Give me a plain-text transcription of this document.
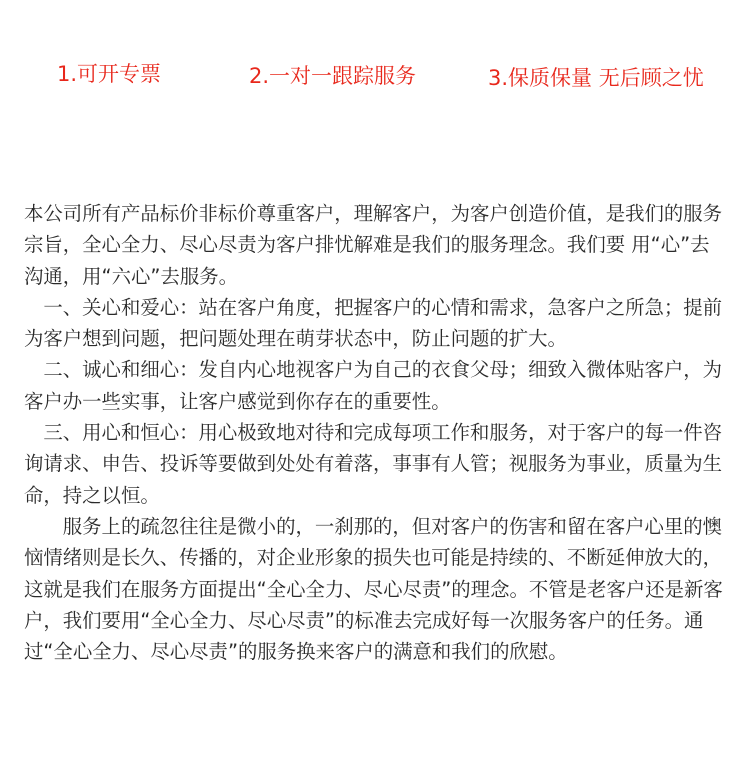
1.可开专票	2.一对一跟踪服务	3.保质保量 无后顾之忧

本公司所有产品标价非标价尊重客户，理解客户，为客户创造价值，是我们的服务宗旨，全心全力、尽心尽责为客户排忧解难是我们的服务理念。我们要 用“心”去沟通，用“六心”去服务。

　一、关心和爱心：站在客户角度，把握客户的心情和需求，急客户之所急；提前为客户想到问题，把问题处理在萌芽状态中，防止问题的扩大。

　二、诚心和细心：发自内心地视客户为自己的衣食父母；细致入微体贴客户，为客户办一些实事，让客户感觉到你存在的重要性。

　三、用心和恒心：用心极致地对待和完成每项工作和服务，对于客户的每一件咨询请求、申告、投诉等要做到处处有着落，事事有人管；视服务为事业，质量为生命，持之以恒。

　　服务上的疏忽往往是微小的，一刹那的，但对客户的伤害和留在客户心里的懊恼情绪则是长久、传播的，对企业形象的损失也可能是持续的、不断延伸放大的，这就是我们在服务方面提出“全心全力、尽心尽责”的理念。不管是老客户还是新客户，我们要用“全心全力、尽心尽责”的标准去完成好每一次服务客户的任务。通过“全心全力、尽心尽责”的服务换来客户的满意和我们的欣慰。
